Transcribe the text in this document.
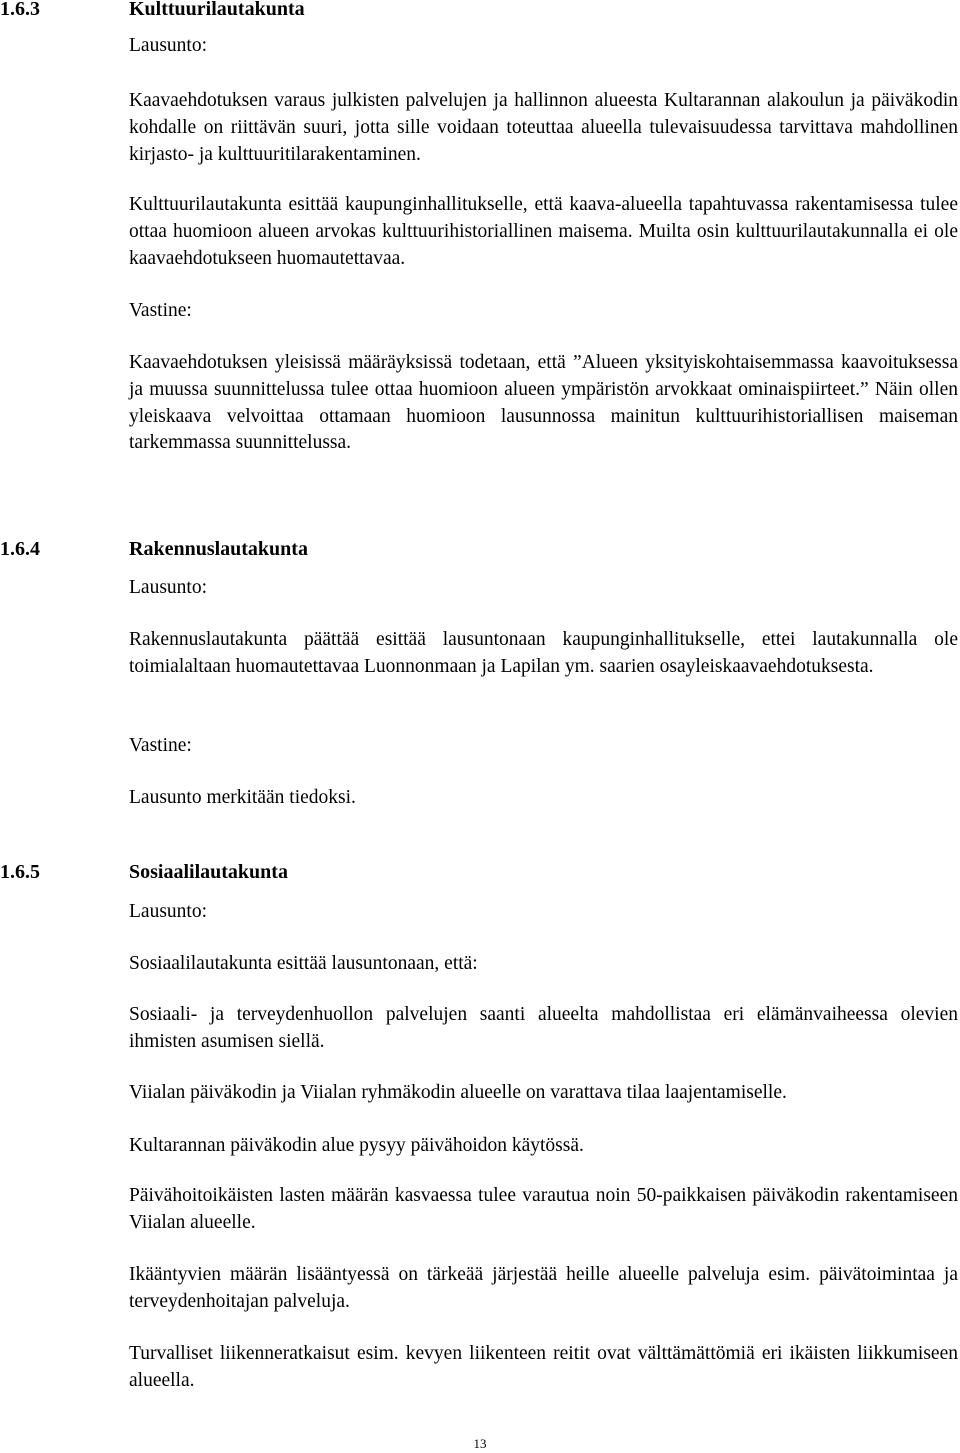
1.6.3	Kulttuurilautakunta
Lausunto:
Kaavaehdotuksen varaus julkisten palvelujen ja hallinnon alueesta Kultarannan alakoulun ja päiväkodin kohdalle on riittävän suuri, jotta sille voidaan toteuttaa alueella tulevaisuudessa tarvittava mahdollinen kirjasto- ja kulttuuritilarakentaminen.
Kulttuurilautakunta esittää kaupunginhallitukselle, että kaava-alueella tapahtuvassa rakentamisessa tulee ottaa huomioon alueen arvokas kulttuurihistoriallinen maisema. Muilta osin kulttuurilautakunnalla ei ole kaavaehdotukseen huomautettavaa.
Vastine:
Kaavaehdotuksen yleisissä määräyksissä todetaan, että ”Alueen yksityiskohtaisemmassa kaavoituksessa ja muussa suunnittelussa tulee ottaa huomioon alueen ympäristön arvokkaat ominaispiirteet.” Näin ollen yleiskaava velvoittaa ottamaan huomioon lausunnossa mainitun kulttuurihistoriallisen maiseman tarkemmassa suunnittelussa.
1.6.4	Rakennuslautakunta
Lausunto:
Rakennuslautakunta päättää esittää lausuntonaan kaupunginhallitukselle, ettei lautakunnalla ole toimialaltaan huomautettavaa Luonnonmaan ja Lapilan ym. saarien osayleiskaavaehdotuksesta.
Vastine:
Lausunto merkitään tiedoksi.
1.6.5	Sosiaalilautakunta
Lausunto:
Sosiaalilautakunta esittää lausuntonaan, että:
Sosiaali- ja terveydenhuollon palvelujen saanti alueelta mahdollistaa eri elämänvaiheessa olevien ihmisten asumisen siellä.
Viialan päiväkodin ja Viialan ryhmäkodin alueelle on varattava tilaa laajentamiselle.
Kultarannan päiväkodin alue pysyy päivähoidon käytössä.
Päivähoitoikäisten lasten määrän kasvaessa tulee varautua noin 50-paikkaisen päiväkodin rakentamiseen Viialan alueelle.
Ikääntyvien määrän lisääntyessä on tärkeää järjestää heille alueelle palveluja esim. päivätoimintaa ja terveydenhoitajan palveluja.
Turvalliset liikenneratkaisut esim. kevyen liikenteen reitit ovat välttämättömiä eri ikäisten liikkumiseen alueella.
13
